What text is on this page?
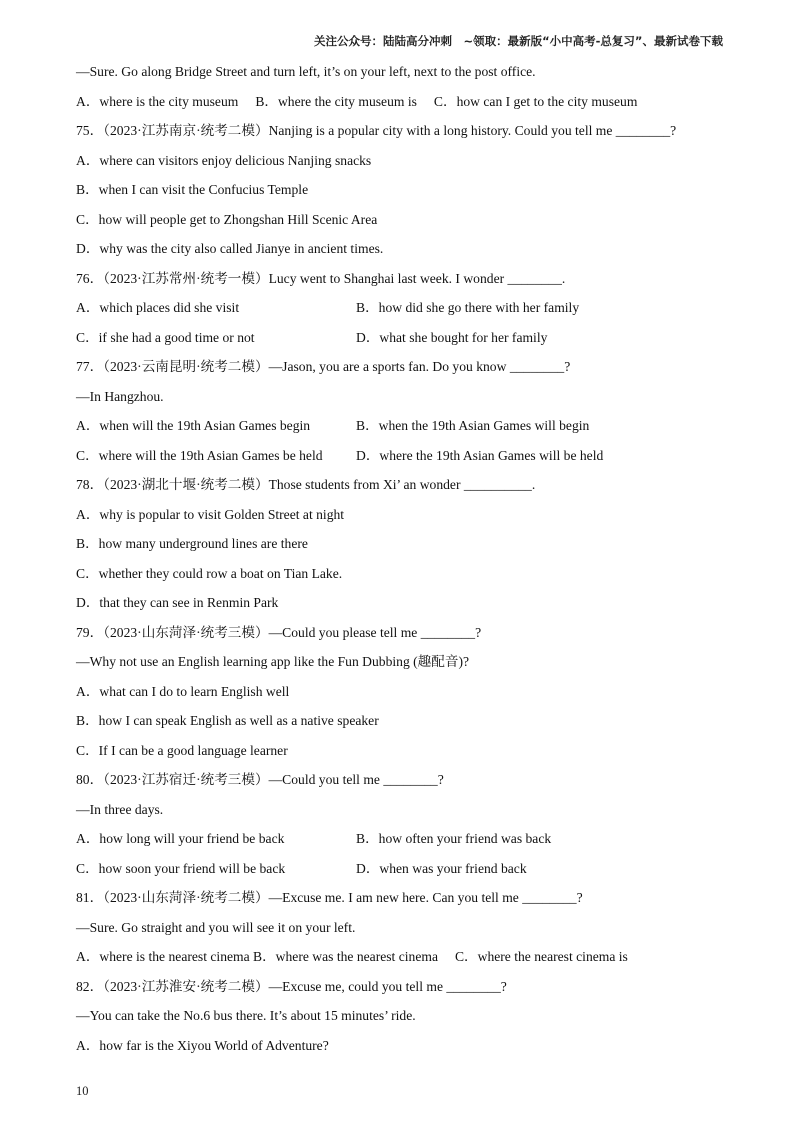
关注公众号：陆陆高分冲刺　~领取：最新版“小中高考-总复习”、最新试卷下载
—Sure. Go along Bridge Street and turn left, it’s on your left, next to the post office.
A．where is the city museum　 B．where the city museum is　 C．how can I get to the city museum
75．（2023·江苏南京·统考二模）Nanjing is a popular city with a long history. Could you tell me ________?
A．where can visitors enjoy delicious Nanjing snacks
B．when I can visit the Confucius Temple
C．how will people get to Zhongshan Hill Scenic Area
D．why was the city also called Jianye in ancient times.
76．（2023·江苏常州·统考一模）Lucy went to Shanghai last week. I wonder ________.
A．which places did she visit	B．how did she go there with her family
C．if she had a good time or not	D．what she bought for her family
77．（2023·云南昆明·统考二模）—Jason, you are a sports fan. Do you know ________?
—In Hangzhou.
A．when will the 19th Asian Games begin	B．when the 19th Asian Games will begin
C．where will the 19th Asian Games be held D．where the 19th Asian Games will be held
78．（2023·湖北十堰·统考二模）Those students from Xi’ an wonder __________.
A．why is popular to visit Golden Street at night
B．how many underground lines are there
C．whether they could row a boat on Tian Lake.
D．that they can see in Renmin Park
79．（2023·山东菏泽·统考三模）—Could you please tell me ________?
—Why not use an English learning app like the Fun Dubbing (趣配音)?
A．what can I do to learn English well
B．how I can speak English as well as a native speaker
C．If I can be a good language learner
80．（2023·江苏宿迁·统考三模）—Could you tell me ________?
—In three days.
A．how long will your friend be back	B．how often your friend was back
C．how soon your friend will be back	D．when was your friend back
81．（2023·山东菏泽·统考二模）—Excuse me. I am new here. Can you tell me ________?
—Sure. Go straight and you will see it on your left.
A．where is the nearest cinema B．where was the nearest cinema　 C．where the nearest cinema is
82．（2023·江苏淮安·统考二模）—Excuse me, could you tell me ________?
—You can take the No.6 bus there. It’s about 15 minutes’ ride.
A．how far is the Xiyou World of Adventure?
10
